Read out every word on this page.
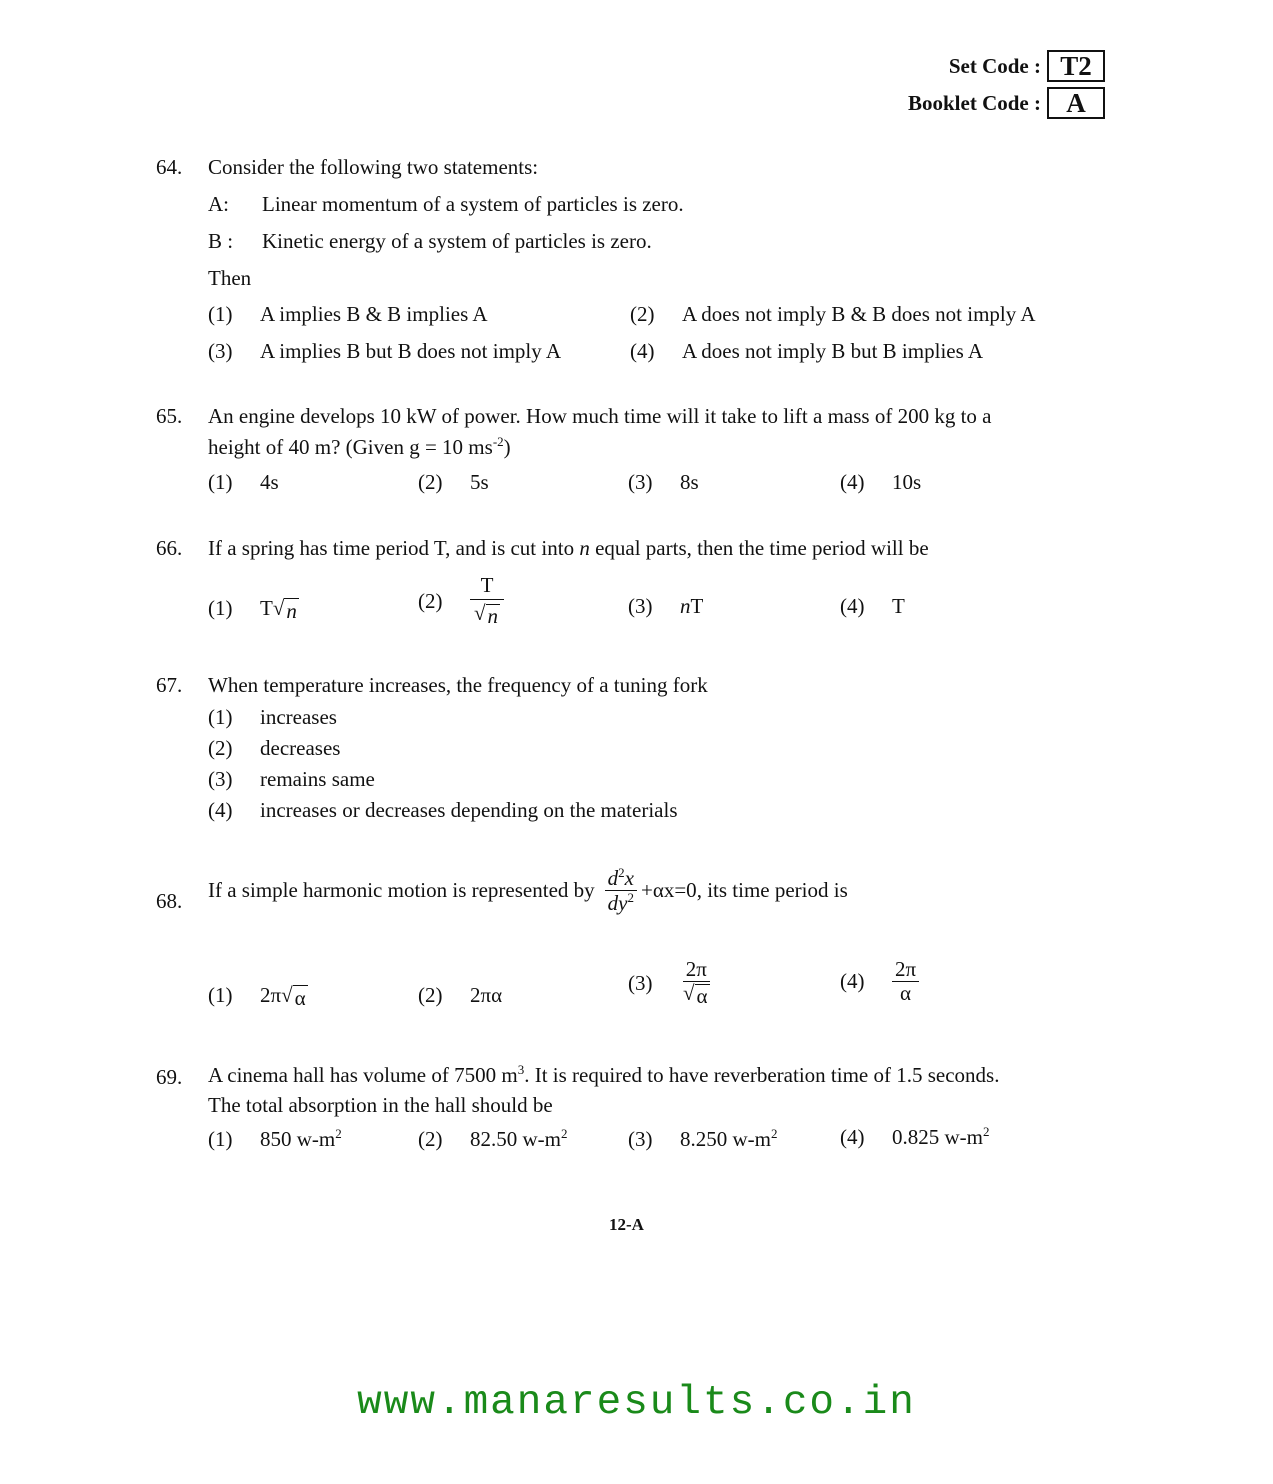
Set Code : T2
Booklet Code : A
64. Consider the following two statements:
A: Linear momentum of a system of particles is zero.
B : Kinetic energy of a system of particles is zero.
Then
(1) A implies B & B implies A	(2) A does not imply B & B does not imply A
(3) A implies B but B does not imply A	(4) A does not imply B but B implies A
65. An engine develops 10 kW of power. How much time will it take to lift a mass of 200 kg to a
height of 40 m? (Given g = 10 $ms^{-2}$)
(1) 4s	(2) 5s	(3) 8s	(4) 10s
66. If a spring has time period T, and is cut into n equal parts, then the time period will be
(1) T√ n	$(2) \frac{T}{√ n}$	(3) nT	(4) T
67. When temperature increases, the frequency of a tuning fork
(1) increases
(2) decreases
(3) remains same
(4) increases or decreases depending on the materials
68. If a simple harmonic motion is represented by $\frac{d^2x}{dy^2} +\alpha x=0$ , its time period is
(1) 2π√ α	(2) 2πα
(3)	$\frac{2\pi}{√ \alpha}$	(4)	$\frac{2\pi}{\alpha}$
69. A cinema hall has volume of 7500 $m^3$. It is required to have reverberation time of 1.5 seconds.
The total absorption in the hall should be
(1) 850 $w-m^2$	(2) 82.50 $w-m^2$	(3) 8.250 $w-m^2$	(4) 0.825 $w-m^2$
12-A
www.manaresults.co.in
